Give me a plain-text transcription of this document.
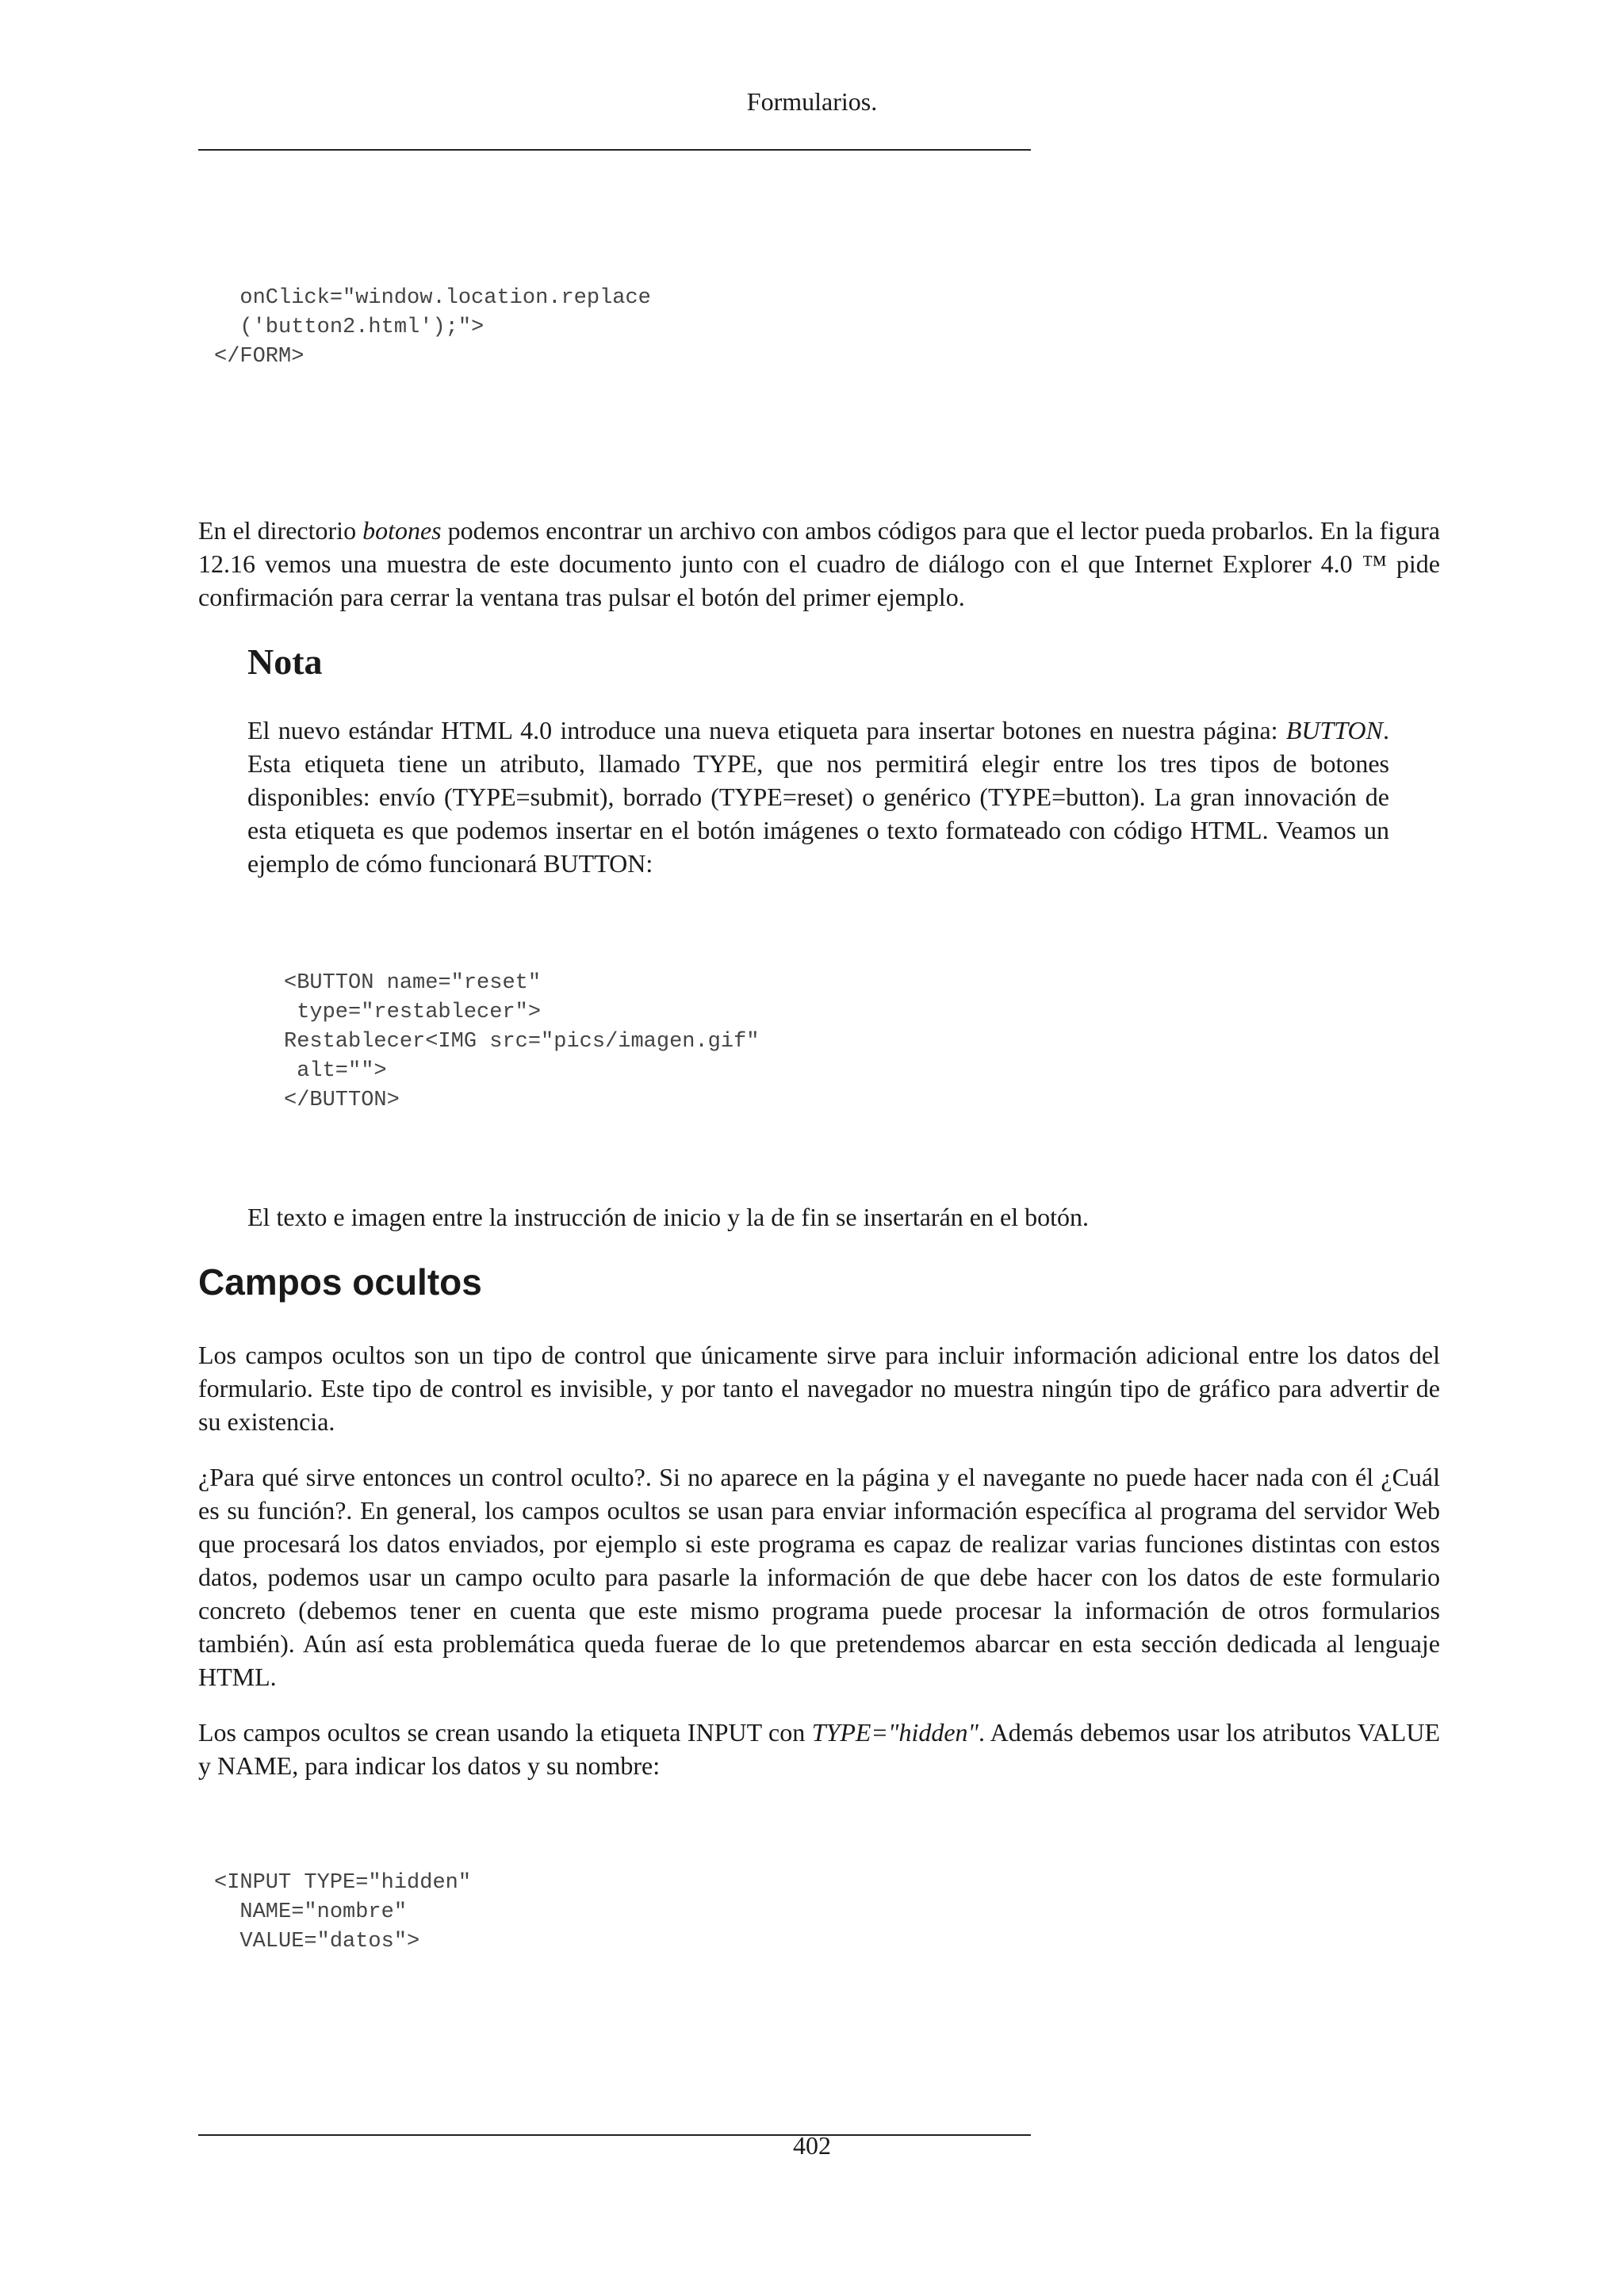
Formularios.
onClick="window.location.replace
('button2.html');">
</FORM>

En el directorio botones podemos encontrar un archivo con ambos códigos para que el lector pueda probarlos. En la figura 12.16 vemos una muestra de este documento junto con el cuadro de diálogo con el que Internet Explorer 4.0 ™ pide confirmación para cerrar la ventana tras pulsar el botón del primer ejemplo.

Nota

El nuevo estándar HTML 4.0 introduce una nueva etiqueta para insertar botones en nuestra página: BUTTON. Esta etiqueta tiene un atributo, llamado TYPE, que nos permitirá elegir entre los tres tipos de botones disponibles: envío (TYPE=submit), borrado (TYPE=reset) o genérico (TYPE=button). La gran innovación de esta etiqueta es que podemos insertar en el botón imágenes o texto formateado con código HTML. Veamos un ejemplo de cómo funcionará BUTTON:

<BUTTON name="reset"
type="restablecer">
Restablecer<IMG src="pics/imagen.gif"
alt="">
</BUTTON>

El texto e imagen entre la instrucción de inicio y la de fin se insertarán en el botón.

Campos ocultos

Los campos ocultos son un tipo de control que únicamente sirve para incluir información adicional entre los datos del formulario. Este tipo de control es invisible, y por tanto el navegador no muestra ningún tipo de gráfico para advertir de su existencia.

¿Para qué sirve entonces un control oculto?. Si no aparece en la página y el navegante no puede hacer nada con él ¿Cuál es su función?. En general, los campos ocultos se usan para enviar información específica al programa del servidor Web que procesará los datos enviados, por ejemplo si este programa es capaz de realizar varias funciones distintas con estos datos, podemos usar un campo oculto para pasarle la información de que debe hacer con los datos de este formulario concreto (debemos tener en cuenta que este mismo programa puede procesar la información de otros formularios también). Aún así esta problemática queda fuerae de lo que pretendemos abarcar en esta sección dedicada al lenguaje HTML.

Los campos ocultos se crean usando la etiqueta INPUT con TYPE="hidden". Además debemos usar los atributos VALUE y NAME, para indicar los datos y su nombre:

<INPUT TYPE="hidden"
NAME="nombre"
VALUE="datos">
402
